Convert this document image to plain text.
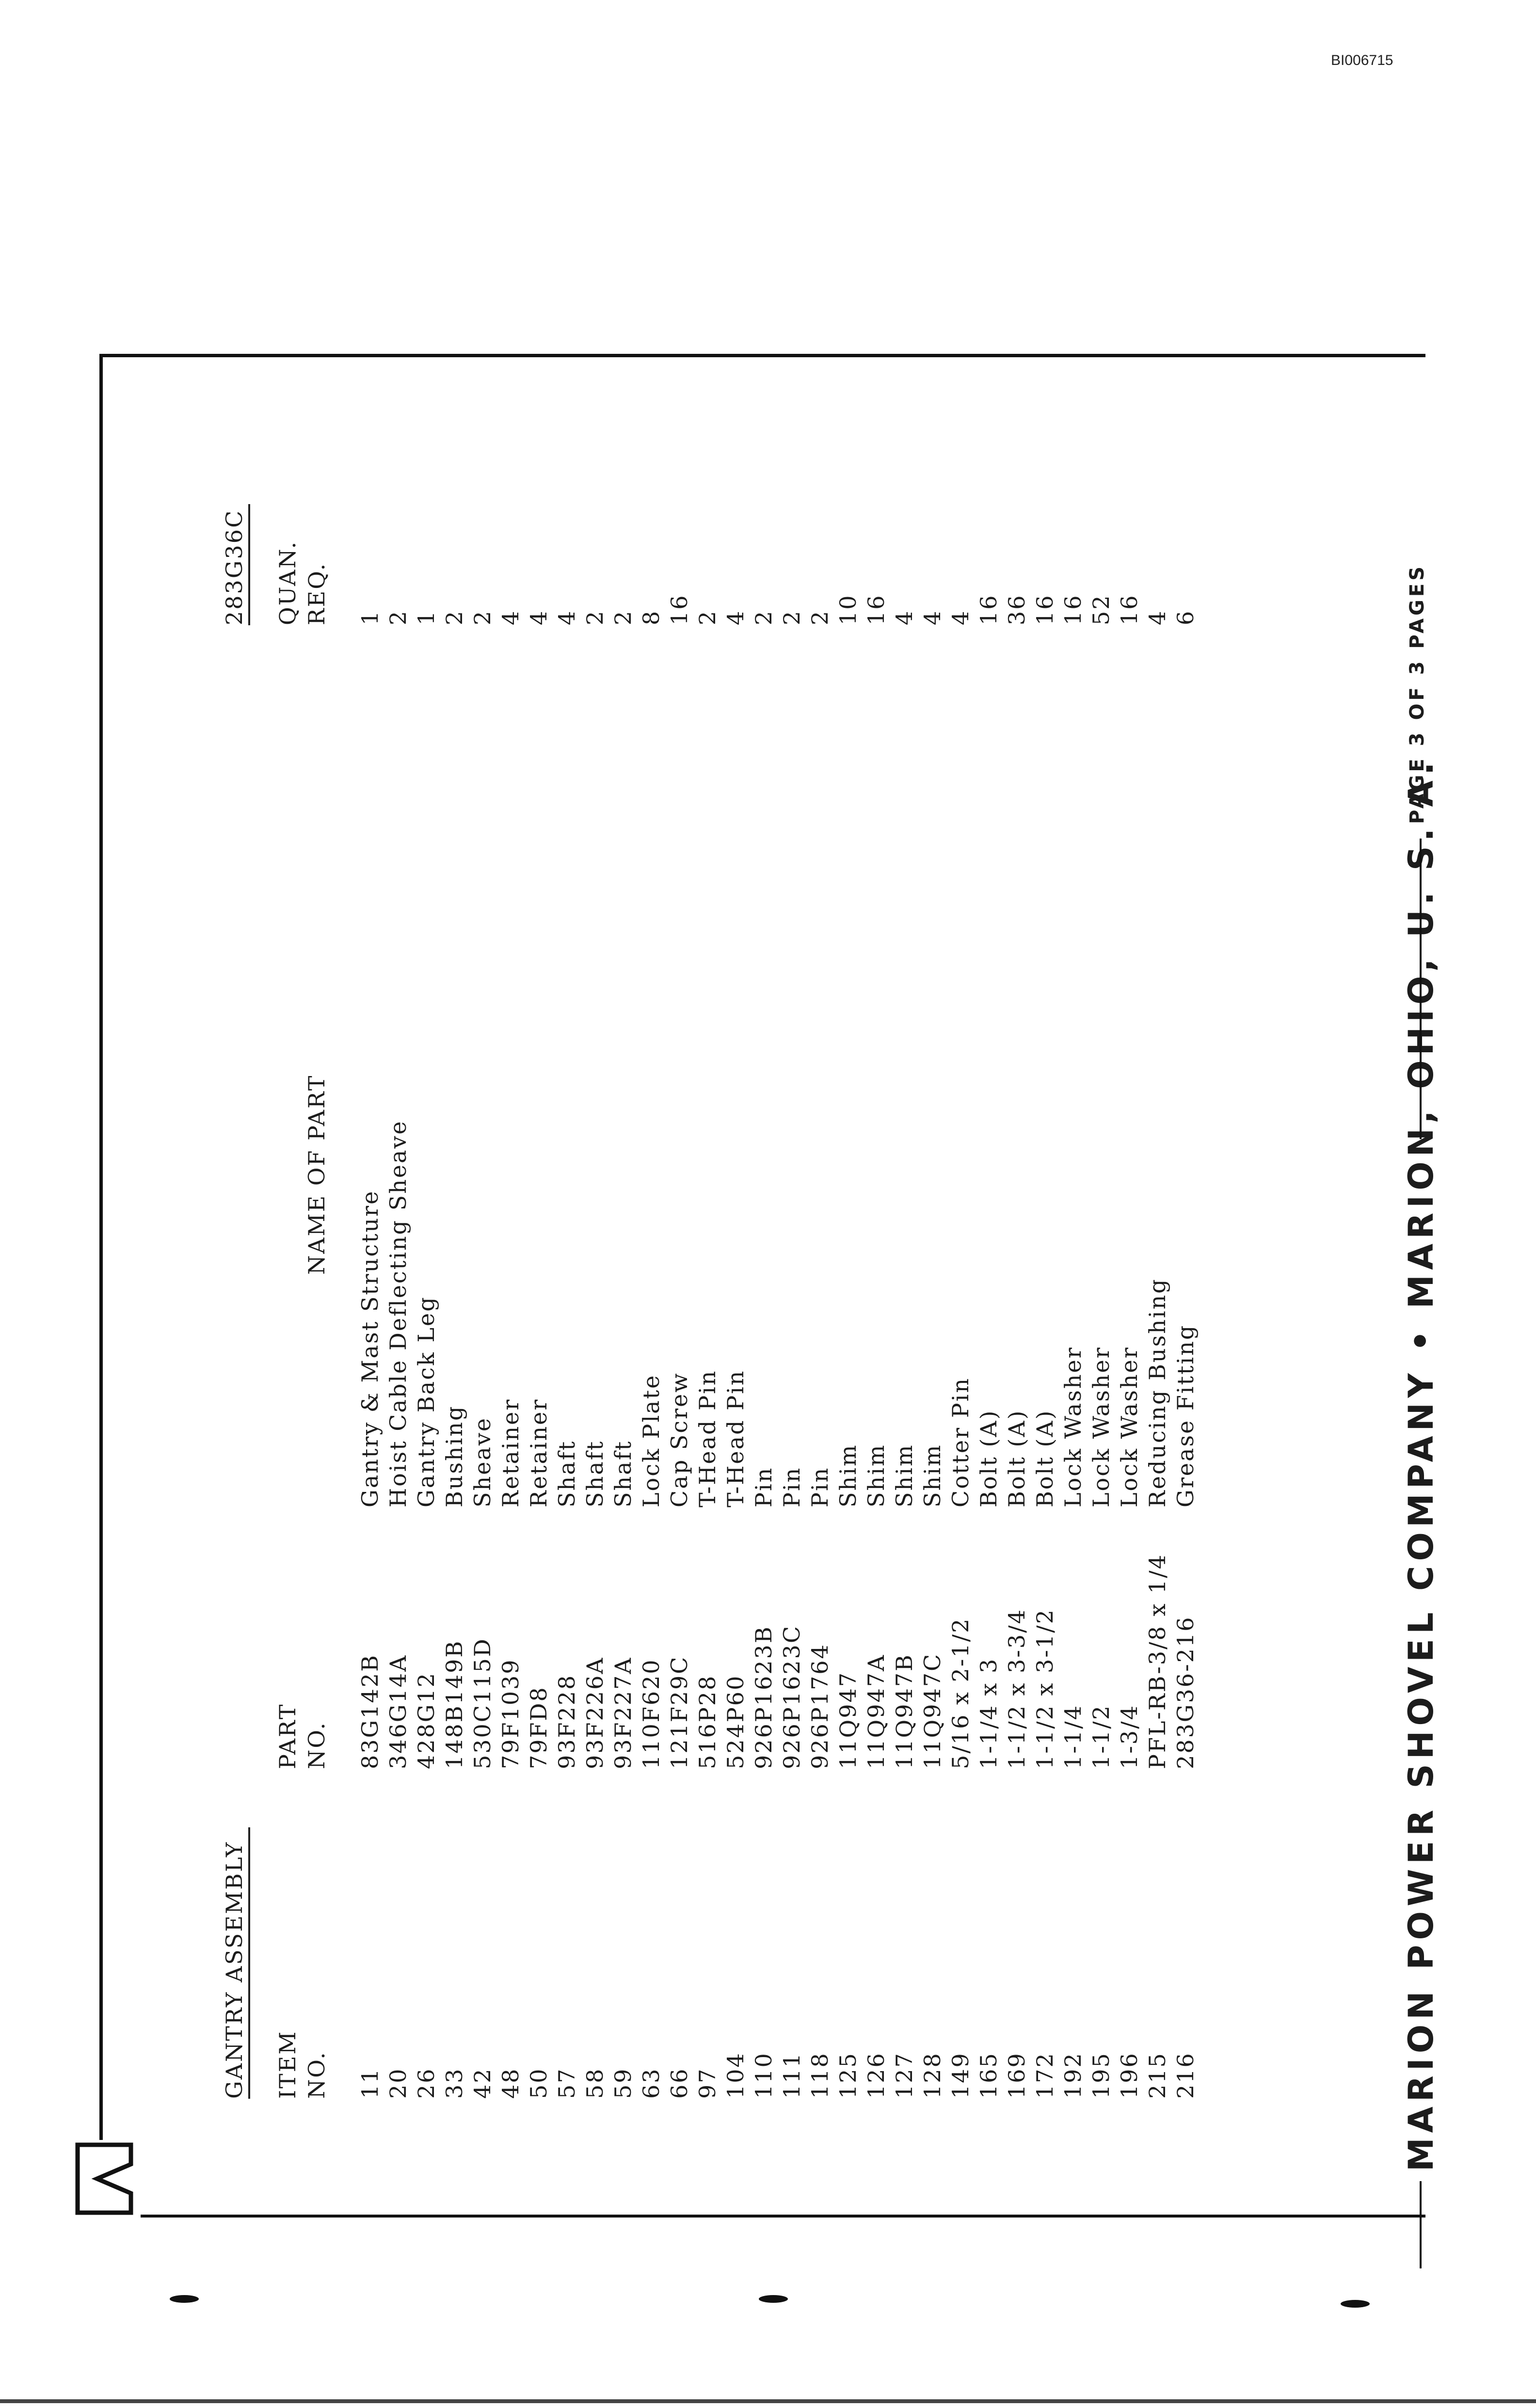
BI006715
GANTRY ASSEMBLY
283G36C
ITEM NO.
PART NO.
NAME OF PART
QUAN. REQ.
11
83G142B
Gantry & Mast Structure
1
20
346G14A
Hoist Cable Deflecting Sheave
2
26
428G12
Gantry Back Leg
1
33
148B149B
Bushing
2
42
530C115D
Sheave
2
48
79F1039
Retainer
4
50
79FD8
Retainer
4
57
93F228
Shaft
4
58
93F226A
Shaft
2
59
93F227A
Shaft
2
63
110F620
Lock Plate
8
66
121F29C
Cap Screw
16
97
516P28
T-Head Pin
2
104
524P60
T-Head Pin
4
110
926P1623B
Pin
2
111
926P1623C
Pin
2
118
926P1764
Pin
2
125
11Q947
Shim
10
126
11Q947A
Shim
16
127
11Q947B
Shim
4
128
11Q947C
Shim
4
149
5/16 x 2-1/2
Cotter Pin
4
165
1-1/4 x 3
Bolt (A)
16
169
1-1/2 x 3-3/4
Bolt (A)
36
172
1-1/2 x 3-1/2
Bolt (A)
16
192
1-1/4
Lock Washer
16
195
1-1/2
Lock Washer
52
196
1-3/4
Lock Washer
16
215
PFL-RB-3/8 x 1/4
Reducing Bushing
4
216
283G36-216
Grease Fitting
6
MARION POWER SHOVEL COMPANY • MARION, OHIO, U. S. A.
PAGE 3 OF 3 PAGES
